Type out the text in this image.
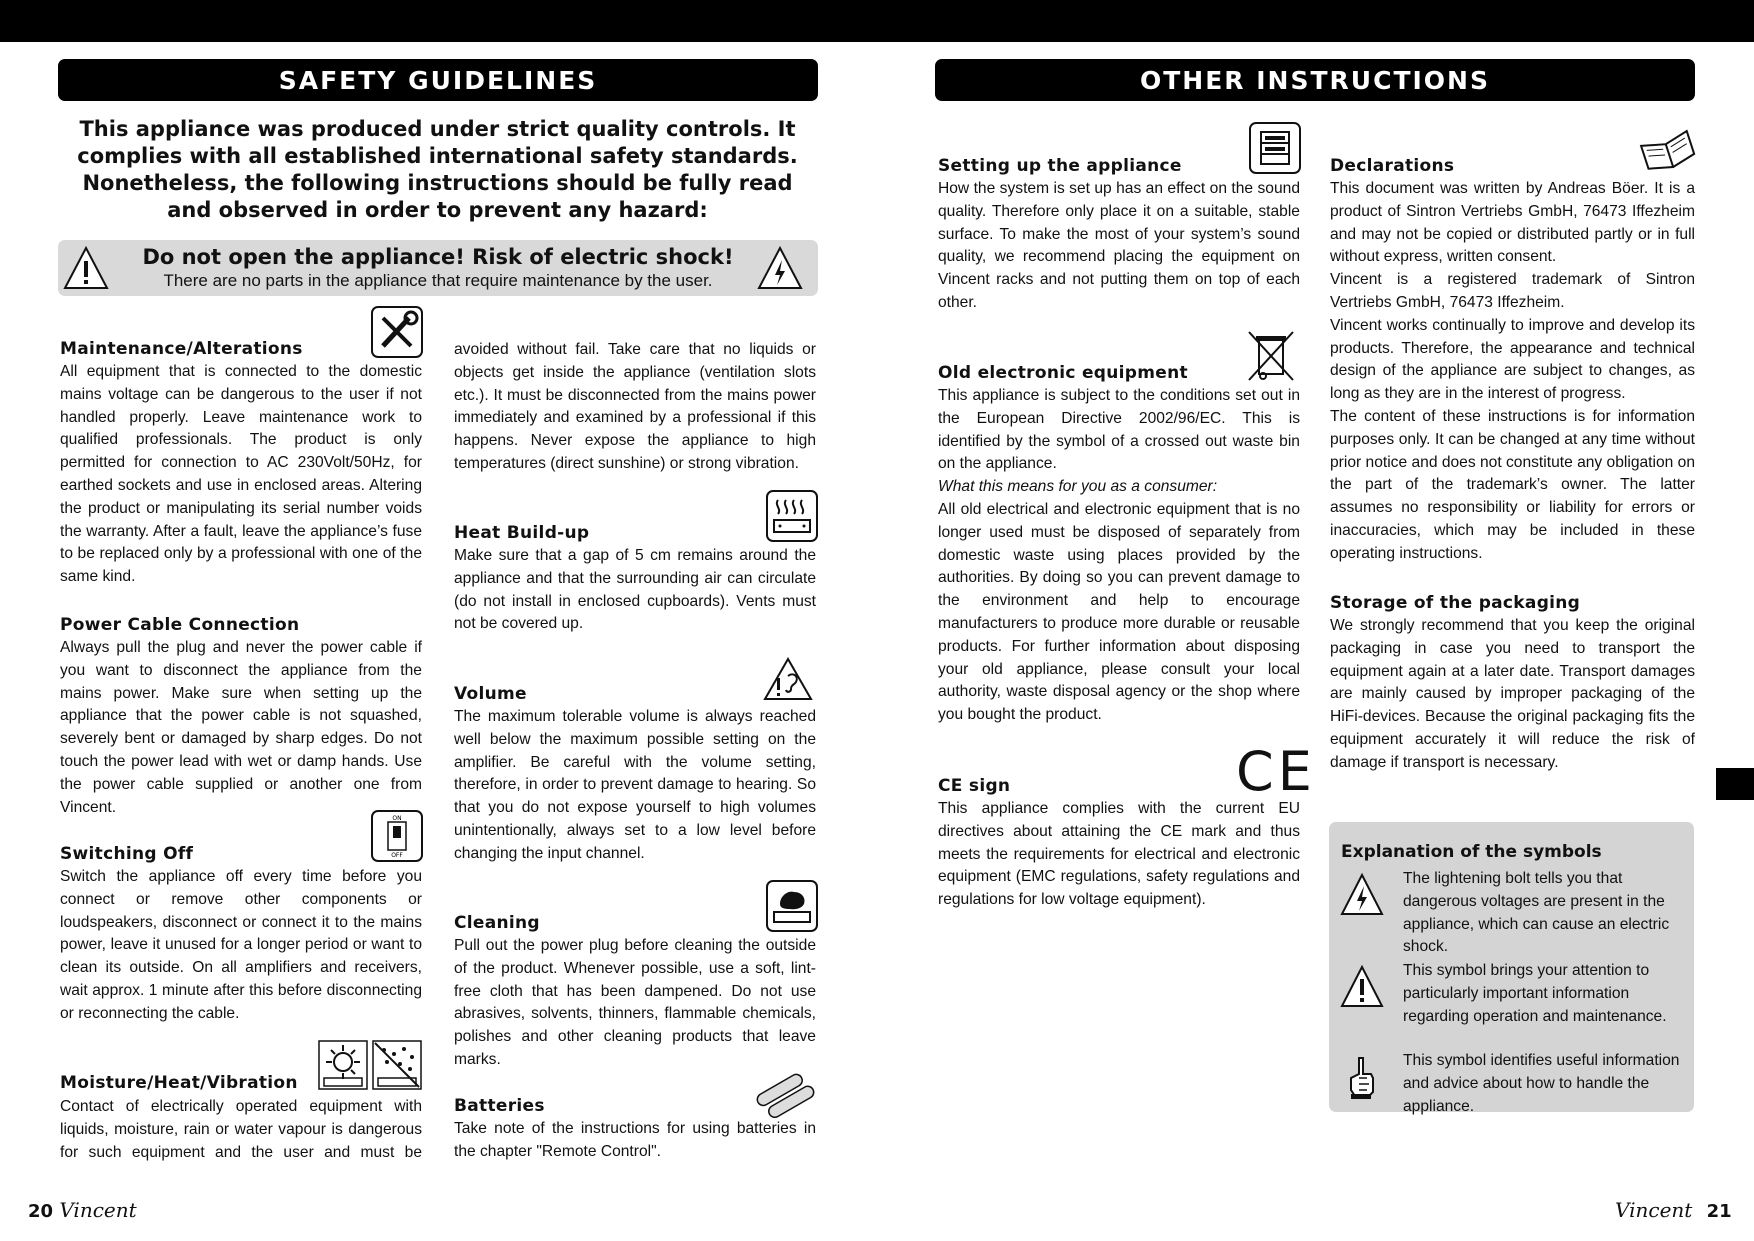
SAFETY GUIDELINES
This appliance was produced under strict quality controls. It complies with all established international safety standards. Nonetheless, the following instructions should be fully read and observed in order to prevent any hazard:
Do not open the appliance! Risk of electric shock!
There are no parts in the appliance that require maintenance by the user.
Maintenance/Alterations

All equipment that is connected to the domestic mains voltage can be dangerous to the user if not handled properly. Leave maintenance work to qualified professionals. The product is only permitted for connection to AC 230Volt/50Hz, for earthed sockets and use in enclosed areas. Altering the product or manipulating its serial number voids the warranty. After a fault, leave the appliance’s fuse to be replaced only by a professional with one of the same kind.

Power Cable Connection

Always pull the plug and never the power cable if you want to disconnect the appliance from the mains power. Make sure when setting up the appliance that the power cable is not squashed, severely bent or damaged by sharp edges. Do not touch the power lead with wet or damp hands. Use the power cable supplied or another one from Vincent.

Switching Off

Switch the appliance off every time before you connect or remove other components or loudspeakers, disconnect or connect it to the mains power, leave it unused for a longer period or want to clean its outside. On all amplifiers and receivers, wait approx. 1 minute after this before disconnecting or reconnecting the cable.

ON
OFF
Moisture/Heat/Vibration

Contact of electrically operated equipment with liquids, moisture, rain or water vapour is dangerous for such equipment and the user and must be

avoided without fail. Take care that no liquids or objects get inside the appliance (ventilation slots etc.). It must be disconnected from the mains power immediately and examined by a professional if this happens. Never expose the appliance to high temperatures (direct sunshine) or strong vibration.

Heat Build-up

Make sure that a gap of 5 cm remains around the appliance and that the surrounding air can circulate (do not install in enclosed cupboards). Vents must not be covered up.

Volume

The maximum tolerable volume is always reached well below the maximum possible setting on the amplifier. Be careful with the volume setting, therefore, in order to prevent damage to hearing. So that you do not expose yourself to high volumes unintentionally, always set to a low level before changing the input channel.

Cleaning

Pull out the power plug before cleaning the outside of the product. Whenever possible, use a soft, lint-free cloth that has been dampened. Do not use abrasives, solvents, thinners, flammable chemicals, polishes and other cleaning products that leave marks.

Batteries

Take note of the instructions for using batteries in the chapter "Remote Control".

20 Vincent
OTHER INSTRUCTIONS
Setting up the appliance

How the system is set up has an effect on the sound quality. Therefore only place it on a suitable, stable surface. To make the most of your system’s sound quality, we recommend placing the equipment on Vincent racks and not putting them on top of each other.

Old electronic equipment

This appliance is subject to the conditions set out in the European Directive 2002/96/EC. This is identified by the symbol of a crossed out waste bin on the appliance.

What this means for you as a consumer:

All old electrical and electronic equipment that is no longer used must be disposed of separately from domestic waste using places provided by the authorities. By doing so you can prevent damage to the environment and help to encourage manufacturers to produce more durable or reusable products. For further information about disposing your old appliance, please consult your local authority, waste disposal agency or the shop where you bought the product.

CE sign

This appliance complies with the current EU directives about attaining the CE mark and thus meets the requirements for electrical and electronic equipment (EMC regulations, safety regulations and regulations for low voltage equipment).

CE
Declarations

This document was written by Andreas Böer. It is a product of Sintron Vertriebs GmbH, 76473 Iffezheim and may not be copied or distributed partly or in full without express, written consent.

Vincent is a registered trademark of Sintron Vertriebs GmbH, 76473 Iffezheim.

Vincent works continually to improve and develop its products. Therefore, the appearance and technical design of the appliance are subject to changes, as long as they are in the interest of progress.

The content of these instructions is for information purposes only. It can be changed at any time without prior notice and does not constitute any obligation on the part of the trademark’s owner. The latter assumes no responsibility or liability for errors or inaccuracies, which may be included in these operating instructions.

Storage of the packaging

We strongly recommend that you keep the original packaging in case you need to transport the equipment again at a later date. Transport damages are mainly caused by improper packaging of the HiFi-devices. Because the original packaging fits the equipment accurately it will reduce the risk of damage if transport is necessary.

Explanation of the symbols
The lightening bolt tells you that dangerous voltages are present in the appliance, which can cause an electric shock.
This symbol brings your attention to particularly important information regarding operation and maintenance.
This symbol identifies useful information and advice about how to handle the appliance.
Vincent 21
